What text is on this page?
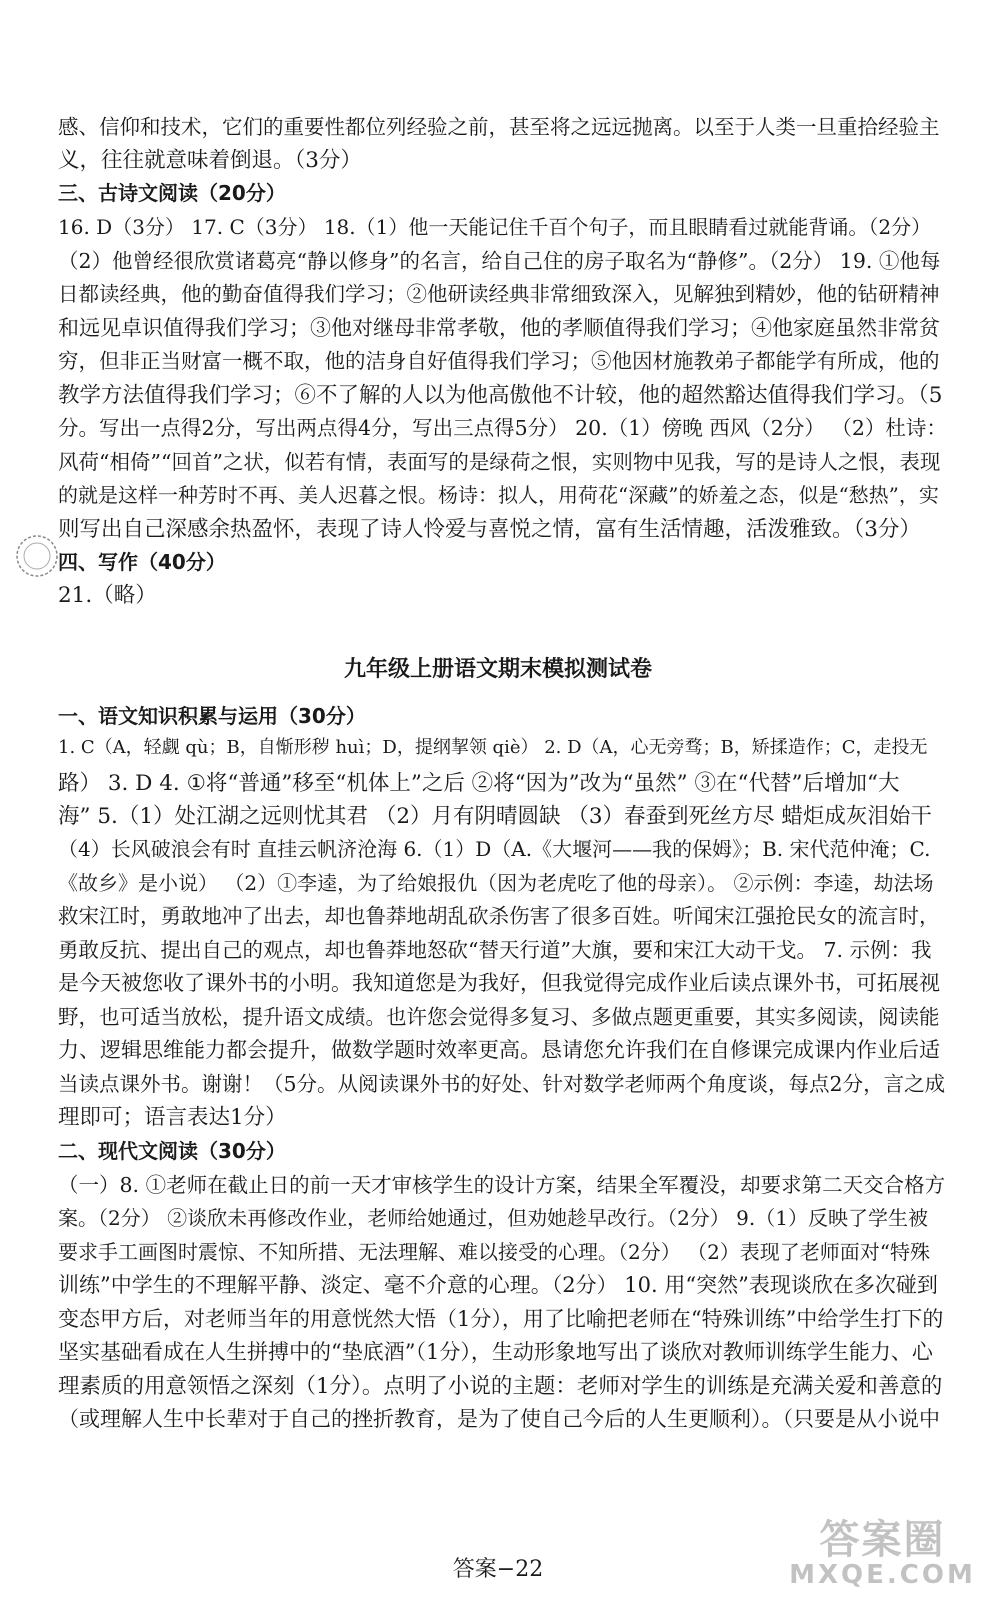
感、信仰和技术，它们的重要性都位列经验之前，甚至将之远远抛离。以至于人类一旦重拾经验主
义，往往就意味着倒退。（3分）
三、古诗文阅读（20分）
16. D（3分） 17. C（3分） 18.（1）他一天能记住千百个句子，而且眼睛看过就能背诵。（2分）
（2）他曾经很欣赏诸葛亮“静以修身”的名言，给自己住的房子取名为“静修”。（2分） 19. ①他每
日都读经典，他的勤奋值得我们学习；②他研读经典非常细致深入，见解独到精妙，他的钻研精神
和远见卓识值得我们学习；③他对继母非常孝敬，他的孝顺值得我们学习；④他家庭虽然非常贫
穷，但非正当财富一概不取，他的洁身自好值得我们学习；⑤他因材施教弟子都能学有所成，他的
教学方法值得我们学习；⑥不了解的人以为他高傲他不计较，他的超然豁达值得我们学习。（5
分。写出一点得2分，写出两点得4分，写出三点得5分） 20.（1）傍晚 西风（2分） （2）杜诗：
风荷“相倚”“回首”之状，似若有情，表面写的是绿荷之恨，实则物中见我，写的是诗人之恨，表现
的就是这样一种芳时不再、美人迟暮之恨。杨诗：拟人，用荷花“深藏”的娇羞之态，似是“愁热”，实
则写出自己深感余热盈怀，表现了诗人怜爱与喜悦之情，富有生活情趣，活泼雅致。（3分）
四、写作（40分）
21.（略）
九年级上册语文期末模拟测试卷
一、语文知识积累与运用（30分）
1. C（A，轻觑 qù；B，自惭形秽 huì；D，提纲挈领 qiè） 2. D（A，心无旁骛；B，矫揉造作；C，走投无
路） 3. D 4. ①将“普通”移至“机体上”之后 ②将“因为”改为“虽然” ③在“代替”后增加“大
海” 5.（1）处江湖之远则忧其君 （2）月有阴晴圆缺 （3）春蚕到死丝方尽 蜡炬成灰泪始干
（4）长风破浪会有时 直挂云帆济沧海 6.（1）D（A.《大堰河——我的保姆》；B. 宋代范仲淹；C.
《故乡》是小说） （2）①李逵，为了给娘报仇（因为老虎吃了他的母亲）。 ②示例：李逵，劫法场
救宋江时，勇敢地冲了出去，却也鲁莽地胡乱砍杀伤害了很多百姓。听闻宋江强抢民女的流言时，
勇敢反抗、提出自己的观点，却也鲁莽地怒砍“替天行道”大旗，要和宋江大动干戈。 7. 示例：我
是今天被您收了课外书的小明。我知道您是为我好，但我觉得完成作业后读点课外书，可拓展视
野，也可适当放松，提升语文成绩。也许您会觉得多复习、多做点题更重要，其实多阅读，阅读能
力、逻辑思维能力都会提升，做数学题时效率更高。恳请您允许我们在自修课完成课内作业后适
当读点课外书。谢谢！（5分。从阅读课外书的好处、针对数学老师两个角度谈，每点2分，言之成
理即可；语言表达1分）
二、现代文阅读（30分）
（一）8. ①老师在截止日的前一天才审核学生的设计方案，结果全军覆没，却要求第二天交合格方
案。（2分） ②谈欣未再修改作业，老师给她通过，但劝她趁早改行。（2分） 9.（1）反映了学生被
要求手工画图时震惊、不知所措、无法理解、难以接受的心理。（2分） （2）表现了老师面对“特殊
训练”中学生的不理解平静、淡定、毫不介意的心理。（2分） 10. 用“突然”表现谈欣在多次碰到
变态甲方后，对老师当年的用意恍然大悟（1分），用了比喻把老师在“特殊训练”中给学生打下的
坚实基础看成在人生拼搏中的“垫底酒”（1分），生动形象地写出了谈欣对教师训练学生能力、心
理素质的用意领悟之深刻（1分）。点明了小说的主题：老师对学生的训练是充满关爱和善意的
（或理解人生中长辈对于自己的挫折教育，是为了使自己今后的人生更顺利）。（只要是从小说中
答案−22
答案圈
MXQE.COM
